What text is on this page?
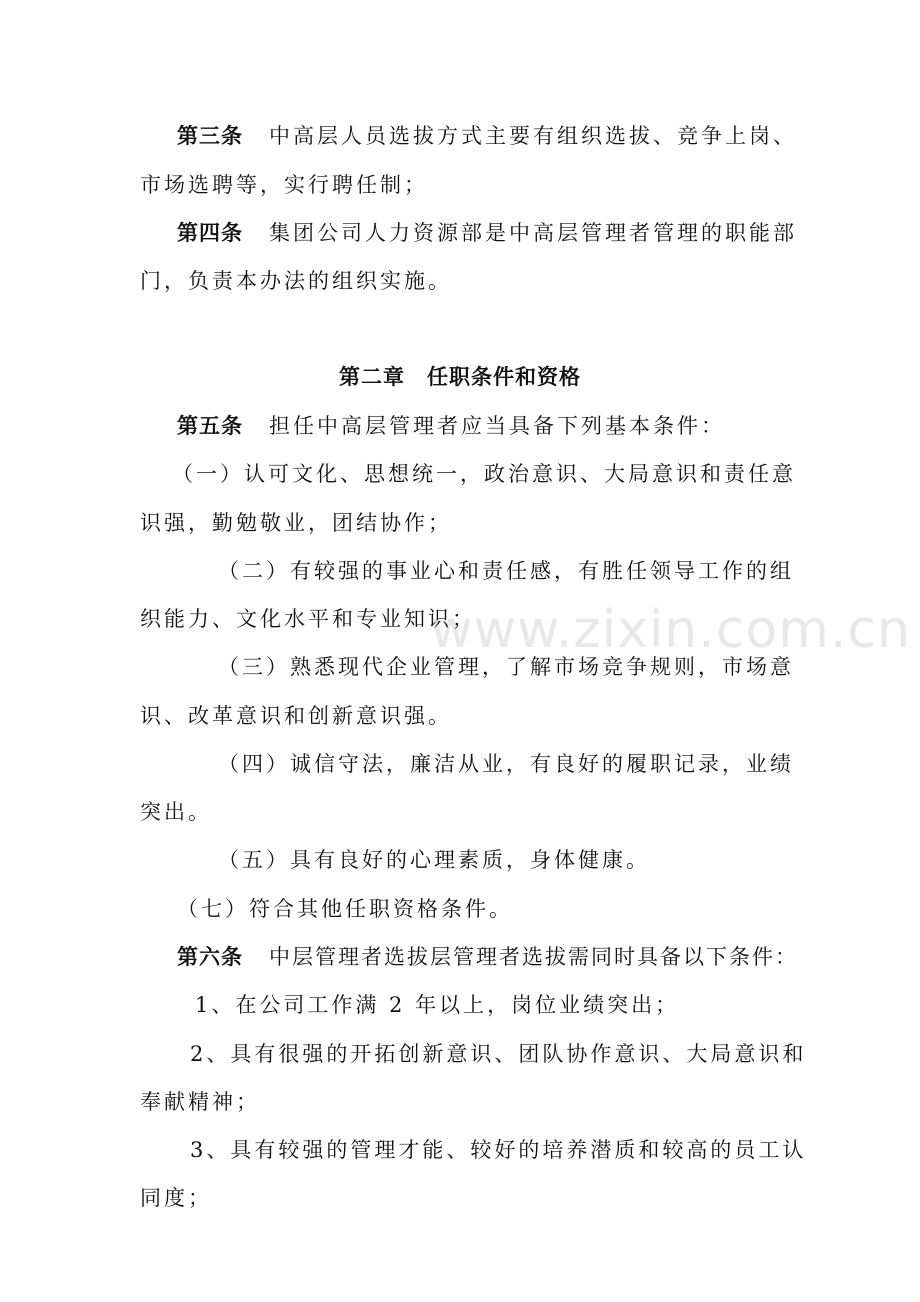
第三条 中高层人员选拔方式主要有组织选拔、竞争上岗、
市场选聘等，实行聘任制；
第四条 集团公司人力资源部是中高层管理者管理的职能部
门，负责本办法的组织实施。
第二章 任职条件和资格
第五条 担任中高层管理者应当具备下列基本条件：
（一）认可文化、思想统一，政治意识、大局意识和责任意
识强，勤勉敬业，团结协作；
（二）有较强的事业心和责任感，有胜任领导工作的组
织能力、文化水平和专业知识；
（三）熟悉现代企业管理，了解市场竞争规则，市场意
识、改革意识和创新意识强。
（四）诚信守法，廉洁从业，有良好的履职记录，业绩
突出。
（五）具有良好的心理素质，身体健康。
（七）符合其他任职资格条件。
第六条 中层管理者选拔层管理者选拔需同时具备以下条件：
1、在公司工作满 2 年以上，岗位业绩突出；
2、具有很强的开拓创新意识、团队协作意识、大局意识和
奉献精神；
3、具有较强的管理才能、较好的培养潜质和较高的员工认
同度；
www.zixin.com.cn
